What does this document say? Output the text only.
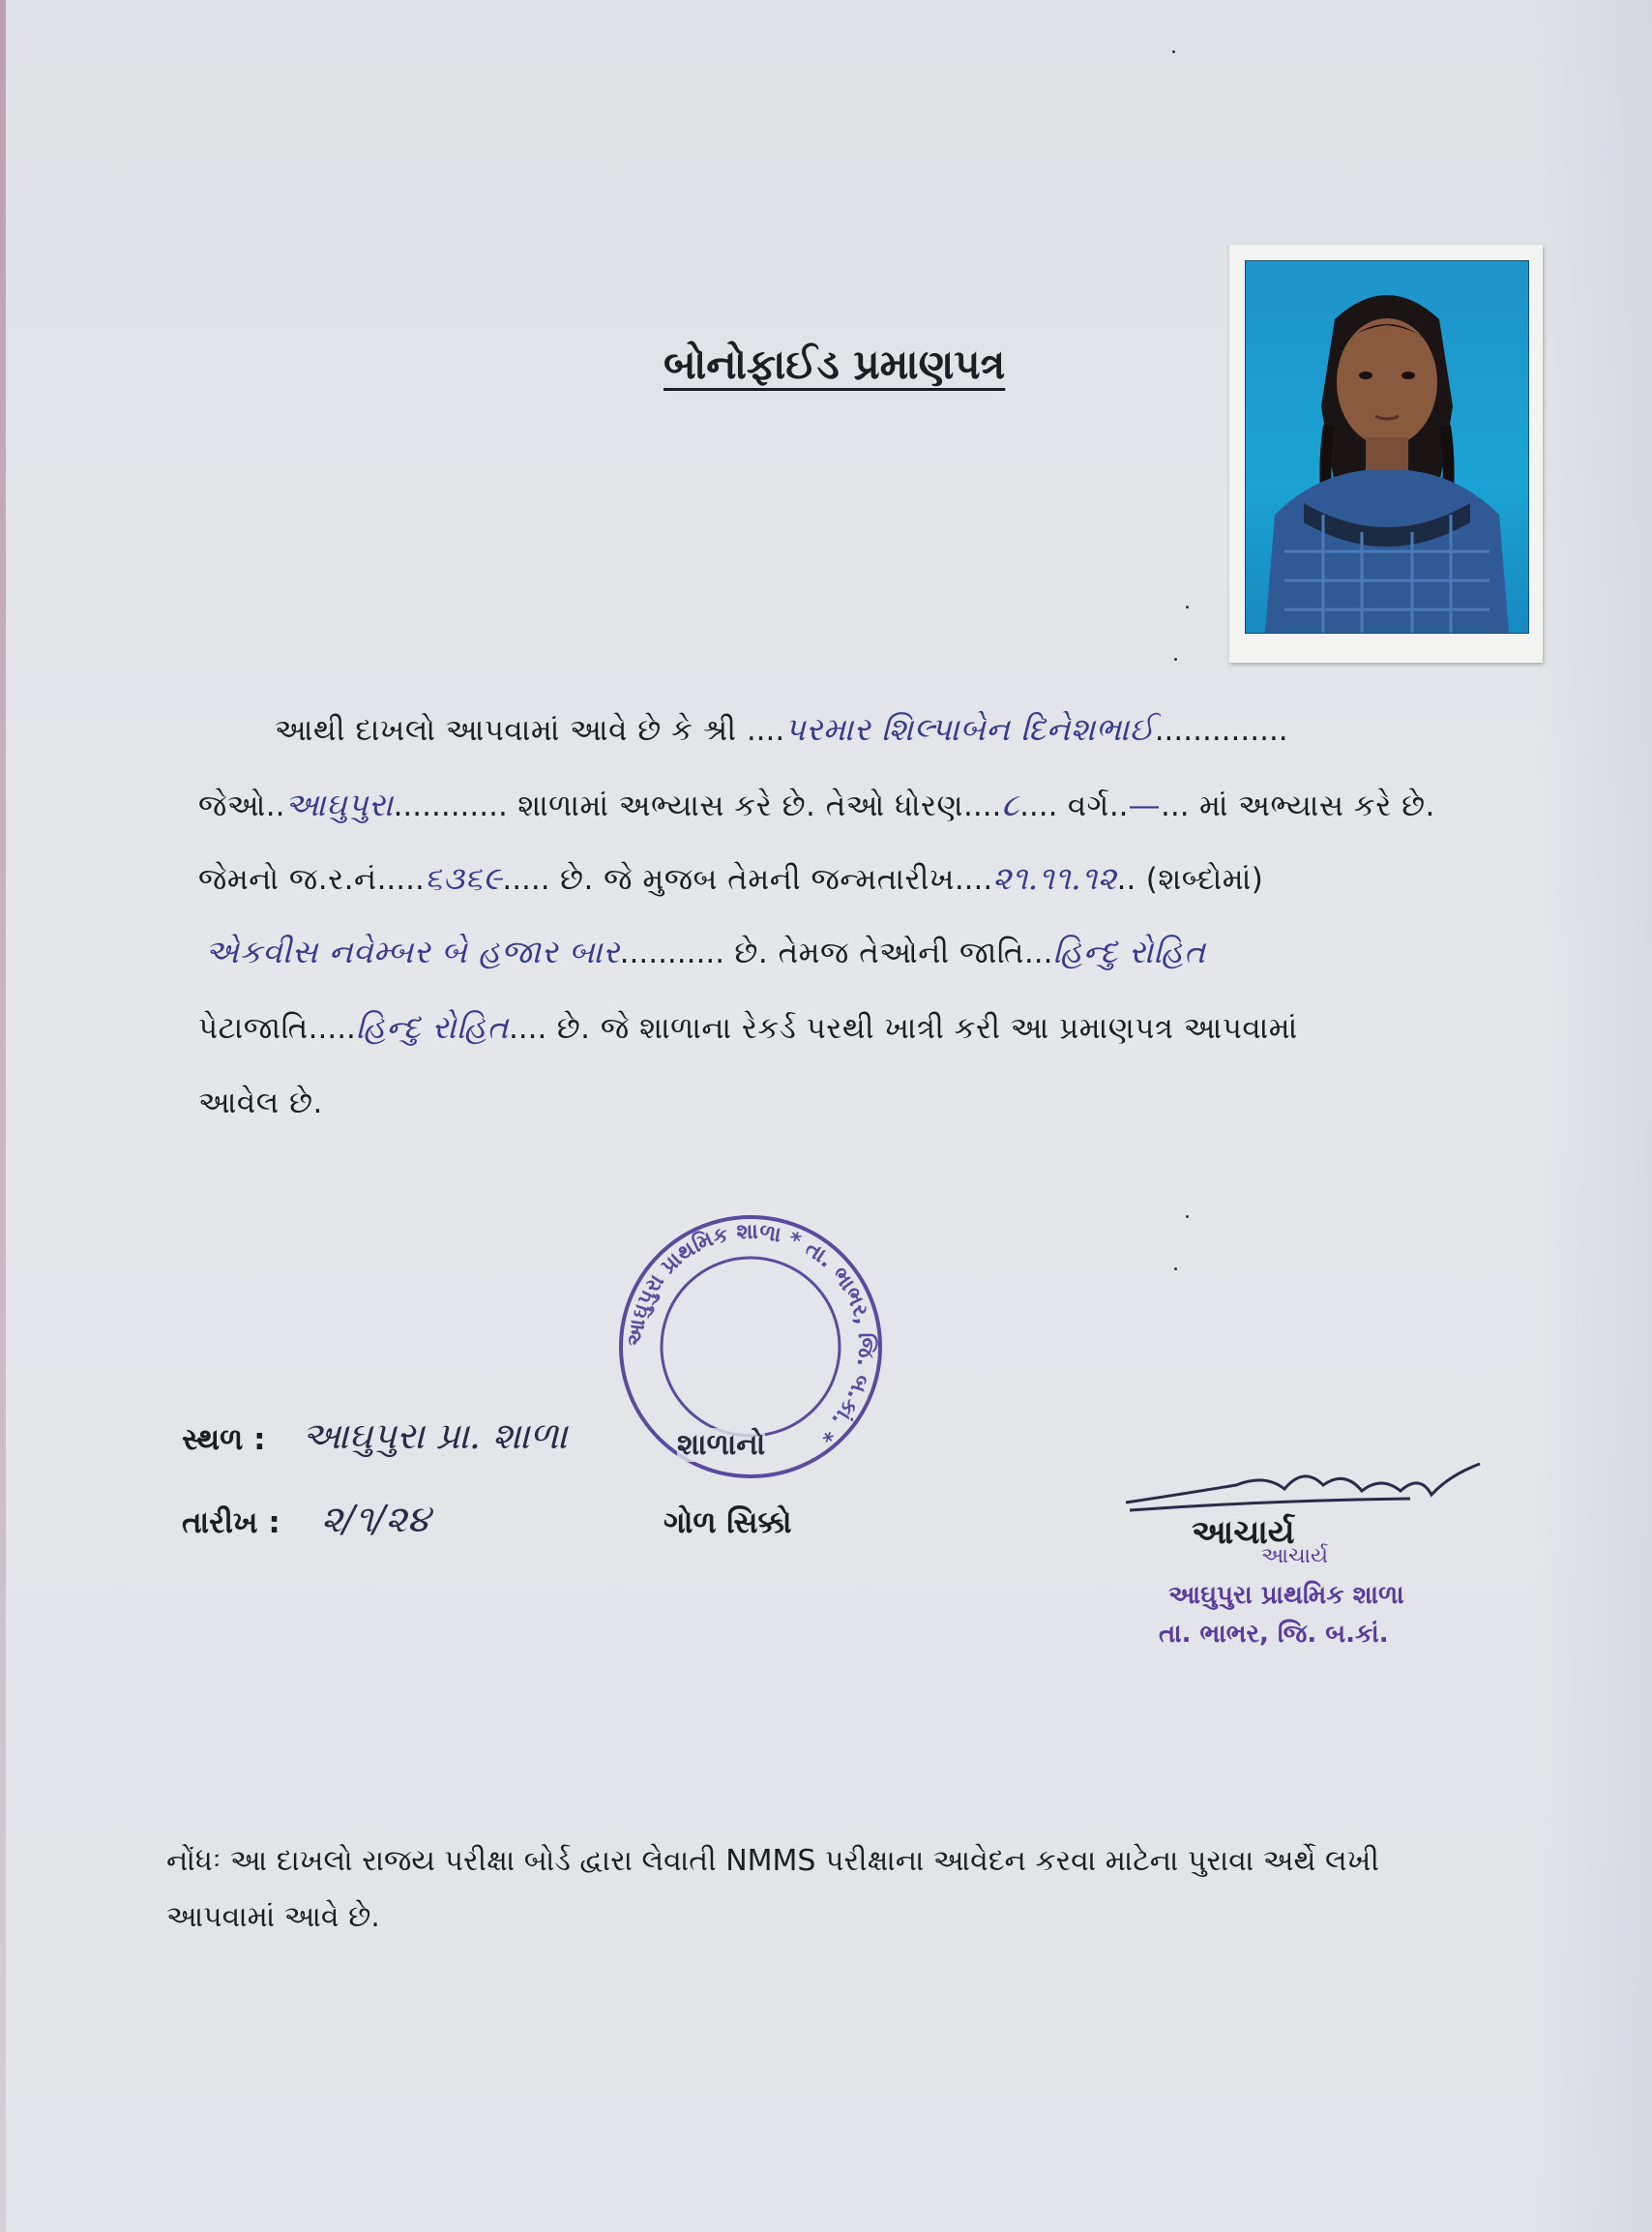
બોનોફાઈડ પ્રમાણપત્ર
આથી દાખલો આપવામાં આવે છે કે શ્રી ....પરમાર શિલ્પાબેન દિનેશભાઈ..............
જેઓ..આઘુપુરા............ શાળામાં અભ્યાસ કરે છે. તેઓ ધોરણ....૮.... વર્ગ..—... માં અભ્યાસ કરે છે.
જેમનો જ.ર.નં.....૬૩૬૯..... છે. જે મુજબ તેમની જન્મતારીખ....૨૧.૧૧.૧૨.. (શબ્દોમાં)
એકવીસ નવેમ્બર બે હજાર બાર........... છે. તેમજ તેઓની જાતિ...હિન્દુ રોહિત
પેટાજાતિ.....હિન્દુ રોહિત.... છે. જે શાળાના રેકર્ડ પરથી ખાત્રી કરી આ પ્રમાણપત્ર આપવામાં
આવેલ છે.
આઘુપુરા પ્રાથમિક શાળા * તા. ભાભર, જિ. બ.કાં. *
સ્થળ : આઘુપુરા પ્રા. શાળા	શાળાનો
તારીખ : ૨/૧/૨૪	ગોળ સિક્કો	આચાર્ય
આચાર્ય
આઘુપુરા પ્રાથમિક શાળા
તા. ભાભર, જિ. બ.કાં.
નોંધઃ આ દાખલો રાજય પરીક્ષા બોર્ડ દ્વારા લેવાતી NMMS પરીક્ષાના આવેદન કરવા માટેના પુરાવા અર્થે લખી
આપવામાં આવે છે.
